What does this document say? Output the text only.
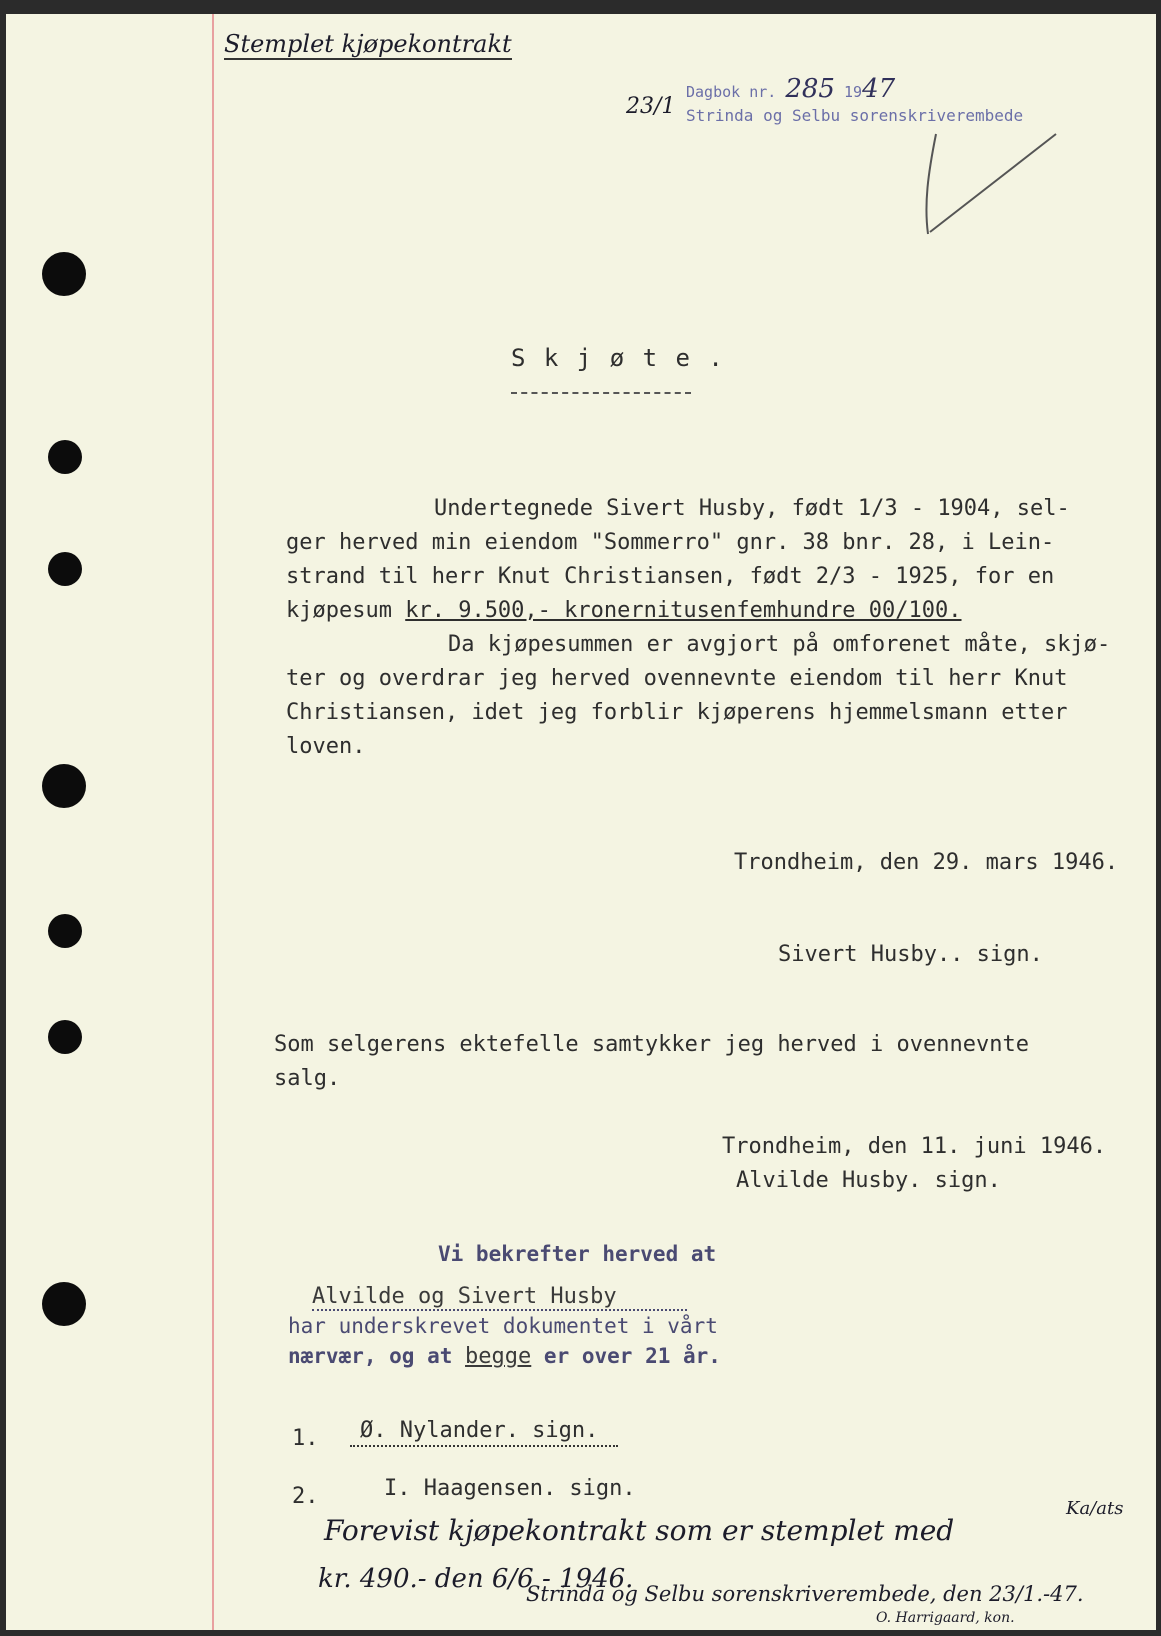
Stemplet kjøpekontrakt
23/1
Dagbok nr. 285 1947
Strinda og Selbu sorenskriverembede
S k j ø t e .
Undertegnede Sivert Husby, født 1/3 - 1904, sel-
ger herved min eiendom "Sommerro" gnr. 38 bnr. 28, i Lein-
strand til herr Knut Christiansen, født 2/3 - 1925, for en
kjøpesum kr. 9.500,- kronernitusenfemhundre 00/100.
Da kjøpesummen er avgjort på omforenet måte, skjø-
ter og overdrar jeg herved ovennevnte eiendom til herr Knut
Christiansen, idet jeg forblir kjøperens hjemmelsmann etter
loven.
Trondheim, den 29. mars 1946.
Sivert Husby.. sign.
Som selgerens ektefelle samtykker jeg herved i ovennevnte
salg.
Trondheim, den 11. juni 1946.
Alvilde Husby. sign.
Vi bekrefter herved at
Alvilde og Sivert Husby
har underskrevet dokumentet i vårt
nærvær, og at begge er over 21 år.
1.	Ø. Nylander. sign.
2.	I. Haagensen. sign.
Forevist kjøpekontrakt som er stemplet med
Ka/ats
kr. 490.- den 6/6 - 1946.
Strinda og Selbu sorenskriverembede, den 23/1.-47.
O. Harrigaard, kon.
